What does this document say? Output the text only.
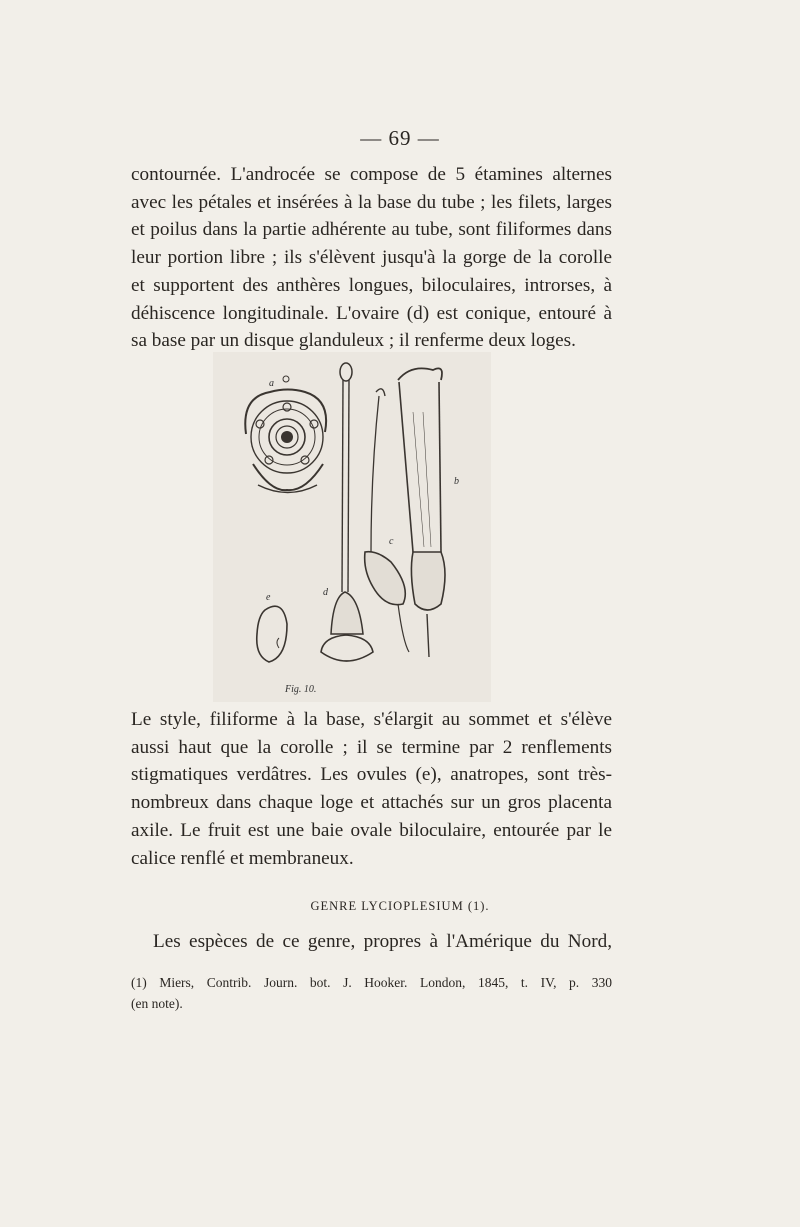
— 69 —
contournée. L'androcée se compose de 5 étamines alternes
avec les pétales et insérées à la base du tube ; les filets, larges
et poilus dans la partie adhérente au tube, sont filiformes dans
leur portion libre ; ils s'élèvent jusqu'à la gorge de la corolle
et supportent des anthères longues, biloculaires, introrses, à
déhiscence longitudinale. L'ovaire (d) est conique, entouré à
sa base par un disque glanduleux ; il renferme deux loges.
a
d
e
c
b
Fig. 10.
Le style, filiforme à la base, s'élargit au sommet et s'élève
aussi haut que la corolle ; il se termine par 2 renflements
stigmatiques verdâtres. Les ovules (e), anatropes, sont très-
nombreux dans chaque loge et attachés sur un gros placenta
axile. Le fruit est une baie ovale biloculaire, entourée par le
calice renflé et membraneux.
GENRE LYCIOPLESIUM (1).
Les espèces de ce genre, propres à l'Amérique du Nord,
(1) Miers, Contrib. Journ. bot. J. Hooker. London, 1845, t. IV, p. 330
(en note).
